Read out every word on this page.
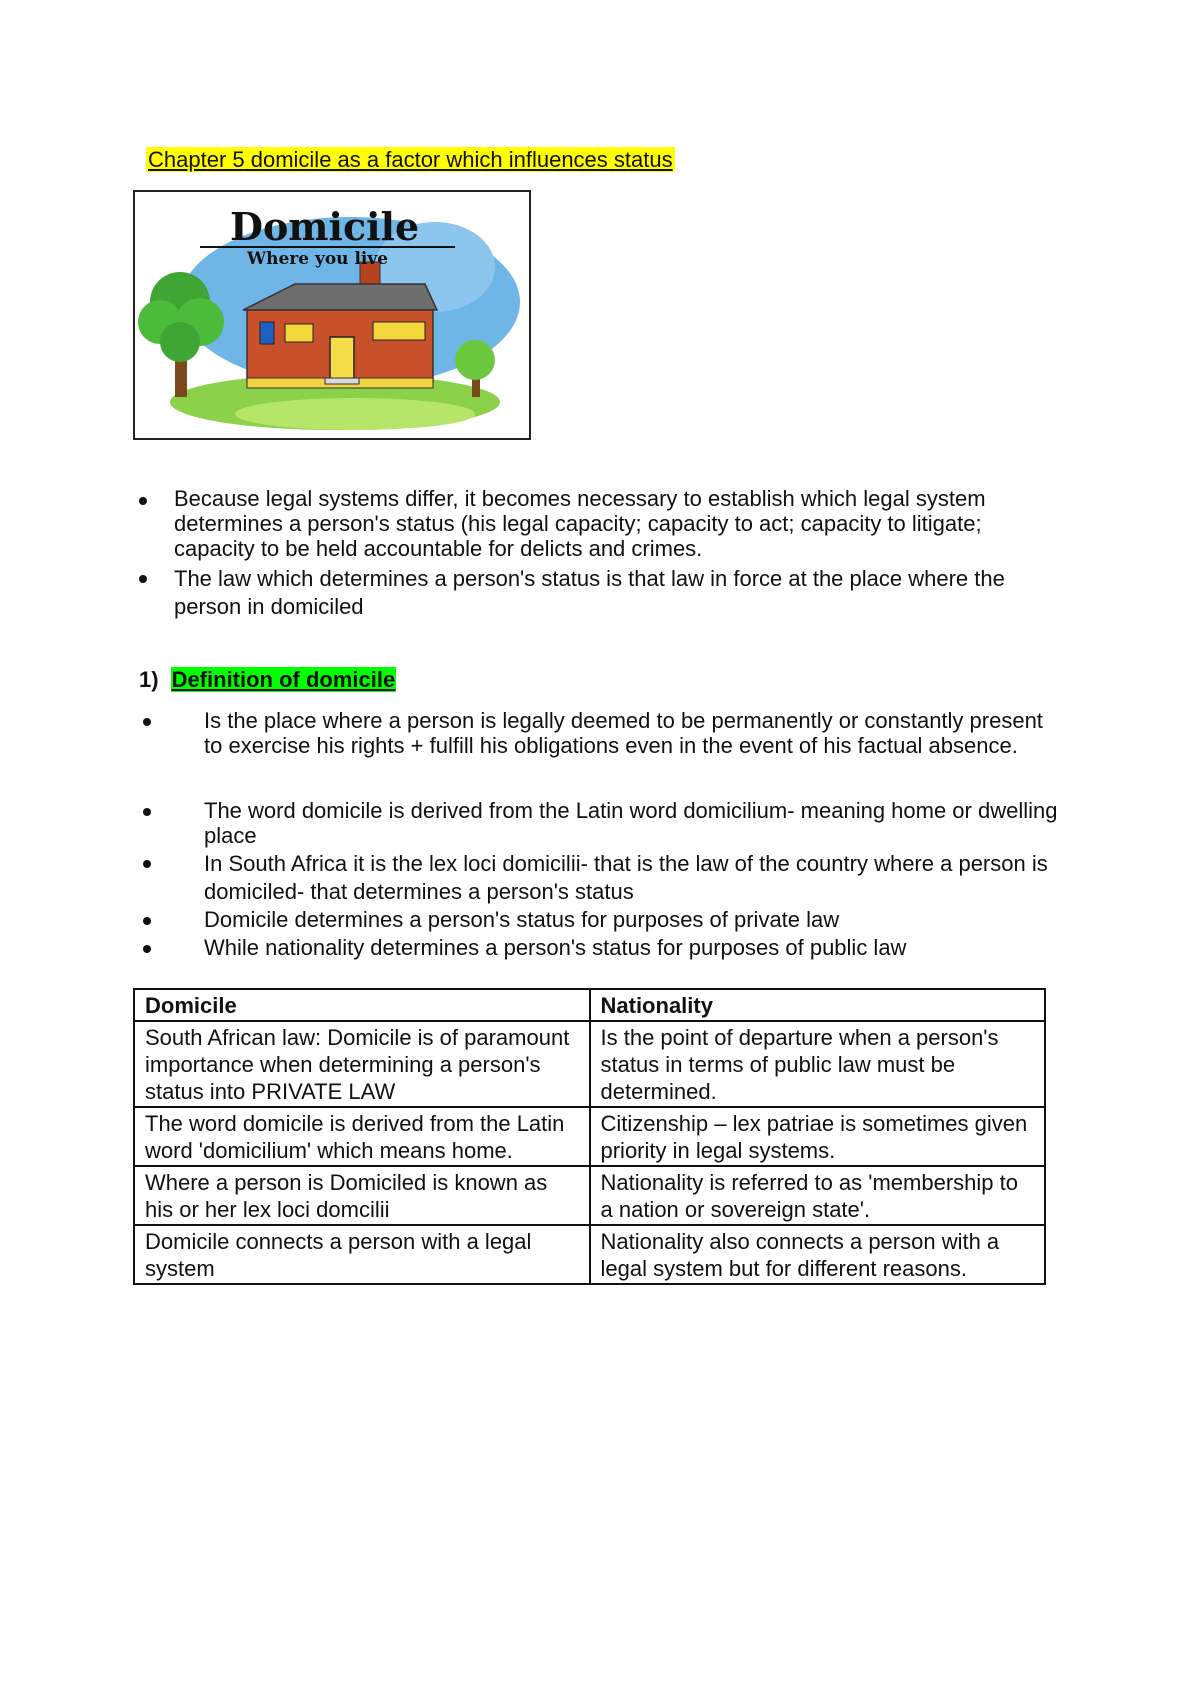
Chapter 5 domicile as a factor which influences status
Domicile
Where you live
Because legal systems differ, it becomes necessary to establish which legal system determines a person's status (his legal capacity; capacity to act; capacity to litigate; capacity to be held accountable for delicts and crimes.
The law which determines a person's status is that law in force at the place where the person in domiciled
1) Definition of domicile
Is the place where a person is legally deemed to be permanently or constantly present to exercise his rights + fulfill his obligations even in the event of his factual absence.
The word domicile is derived from the Latin word domicilium- meaning home or dwelling place
In South Africa it is the lex loci domicilii- that is the law of the country where a person is domiciled- that determines a person's status
Domicile determines a person's status for purposes of private law
While nationality determines a person's status for purposes of public law
Domicile	Nationality
South African law: Domicile is of paramount importance when determining a person's status into PRIVATE LAW	Is the point of departure when a person's status in terms of public law must be determined.
The word domicile is derived from the Latin word 'domicilium' which means home.	Citizenship – lex patriae is sometimes given priority in legal systems.
Where a person is Domiciled is known as his or her lex loci domcilii	Nationality is referred to as 'membership to a nation or sovereign state'.
Domicile connects a person with a legal system	Nationality also connects a person with a legal system but for different reasons.
